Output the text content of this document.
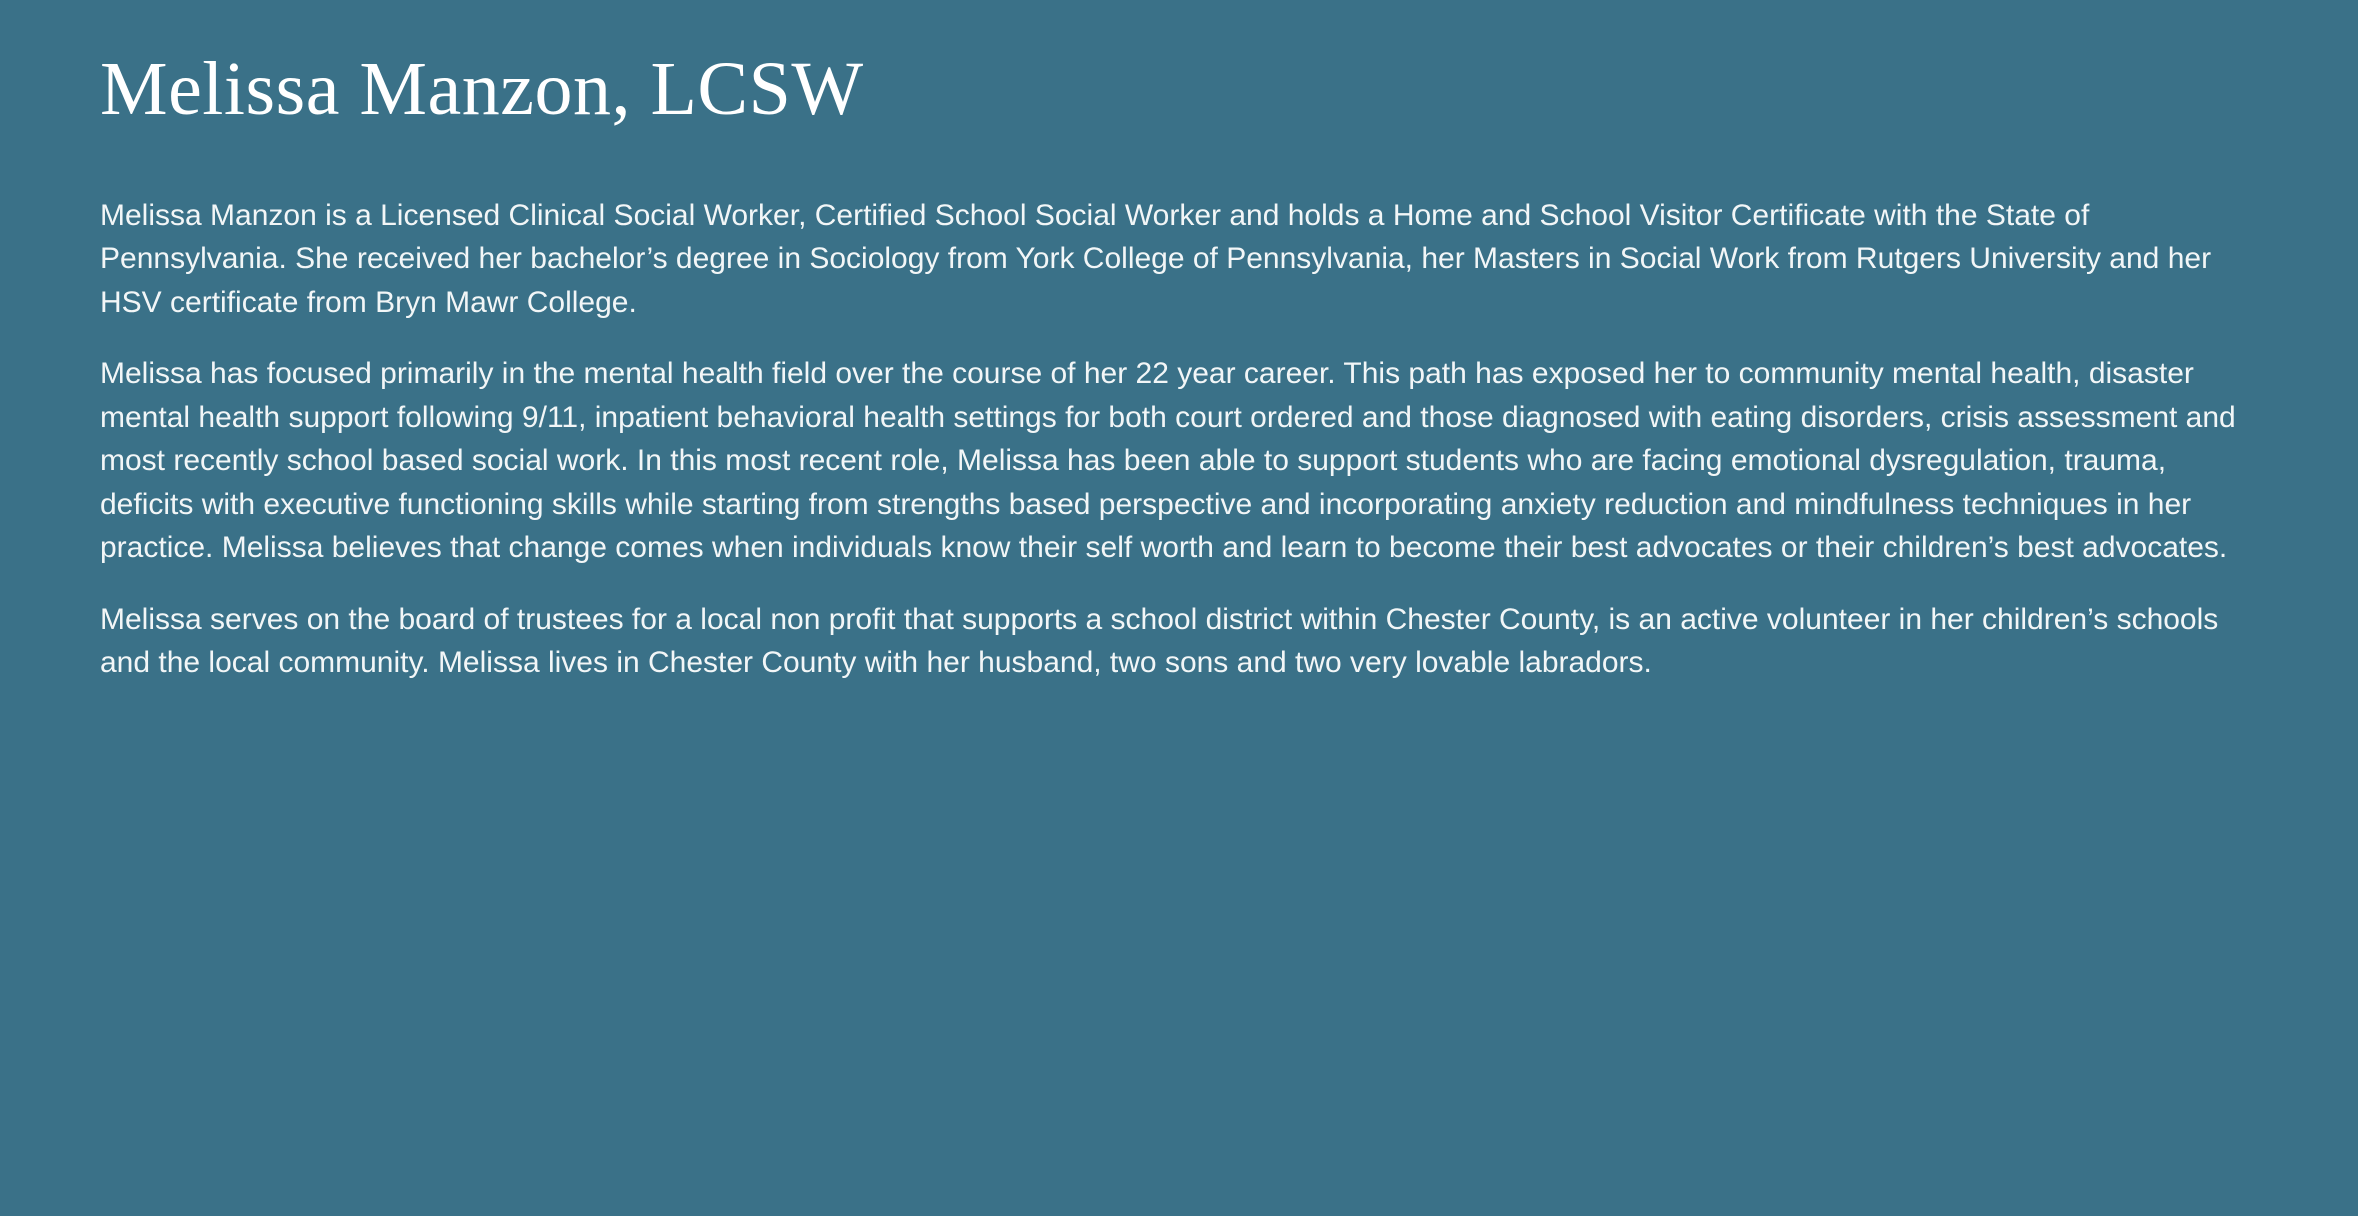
Melissa Manzon, LCSW

Melissa Manzon is a Licensed Clinical Social Worker, Certified School Social Worker and holds a Home and School Visitor Certificate with the State of Pennsylvania. She received her bachelor’s degree in Sociology from York College of Pennsylvania, her Masters in Social Work from Rutgers University and her HSV certificate from Bryn Mawr College.

Melissa has focused primarily in the mental health field over the course of her 22 year career. This path has exposed her to community mental health, disaster mental health support following 9/11, inpatient behavioral health settings for both court ordered and those diagnosed with eating disorders, crisis assessment and most recently school based social work. In this most recent role, Melissa has been able to support students who are facing emotional dysregulation, trauma, deficits with executive functioning skills while starting from strengths based perspective and incorporating anxiety reduction and mindfulness techniques in her practice. Melissa believes that change comes when individuals know their self worth and learn to become their best advocates or their children’s best advocates.

Melissa serves on the board of trustees for a local non profit that supports a school district within Chester County, is an active volunteer in her children’s schools and the local community. Melissa lives in Chester County with her husband, two sons and two very lovable labradors.
